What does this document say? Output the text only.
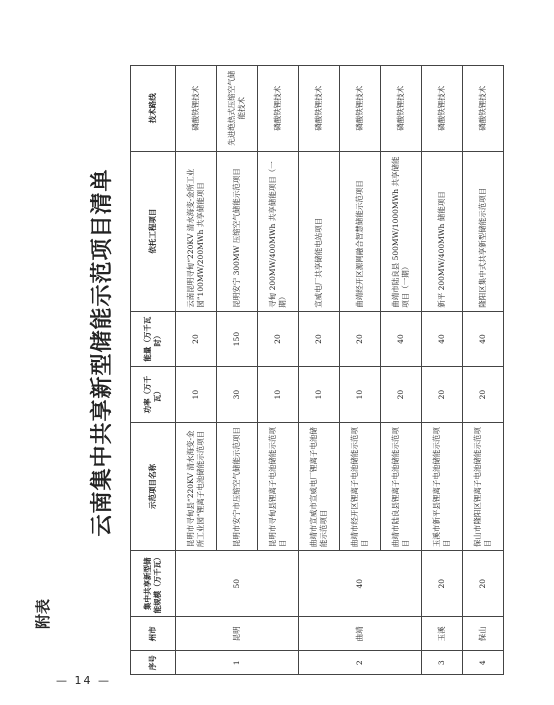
附表
云南集中共享新型储能示范项目清单
序号	州市	集中共享新型储能规模（万千瓦）	示范项目名称	功率（万千瓦）	能量（万千瓦时）	依托工程项目	技术路线
1	昆明	50	昆明市寻甸县“220KV 清水海变-金所工业园”锂离子电池储能示范项目	10	20	云南昆明寻甸“220KV 清水海变-金所工业园”100MW/200MWh 共享储能项目	磷酸铁锂技术
			昆明市安宁市压缩空气储能示范项目	30	150	昆明安宁 300MW 压缩空气储能示范项目	先进绝热式压缩空气储能技术
			昆明市寻甸县锂离子电池储能示范项目	10	20	寻甸 200MW/400MWh 共享储能项目（一期）	磷酸铁锂技术
2	曲靖	40	曲靖市宣威市宣威电厂锂离子电池储能示范项目	10	20	宣威电厂共享储能电站项目	磷酸铁锂技术
			曲靖市经开区锂离子电池储能示范项目	10	20	曲靖经开区源网融合智慧储能示范项目	磷酸铁锂技术
			曲靖市陆良县锂离子电池储能示范项目	20	40	曲靖市陆良县 500MW/1000MWh 共享储能项目（一期）	磷酸铁锂技术
3	玉溪	20	玉溪市新平县锂离子电池储能示范项目	20	40	新平 200MW/400MWh 储能项目	磷酸铁锂技术
4	保山	20	保山市隆阳区锂离子电池储能示范项目	20	40	隆阳区集中式共享新型储能示范项目	磷酸铁锂技术
— 14 —
